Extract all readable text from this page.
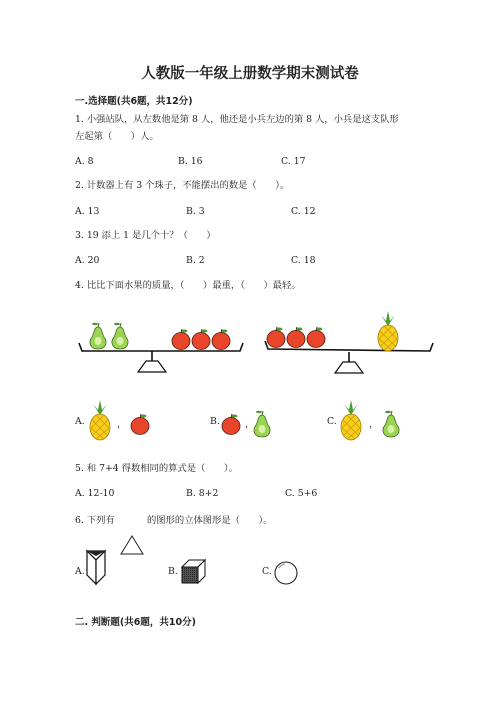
人教版一年级上册数学期末测试卷
一.选择题(共6题，共12分)
1. 小强站队，从左数他是第 8 人，他还是小兵左边的第 8 人，小兵是这支队形
左起第（　　）人。
A. 8	B. 16	C. 17
2. 计数器上有 3 个珠子，不能摆出的数是（　　）。
A. 13	B. 3	C. 12
3. 19 添上 1 是几个十？（　　）
A. 20	B. 2	C. 18
4. 比比下面水果的质量，（　　）最重，（　　）最轻。
A.	，	B.	，	C.	，
5. 和 7+4 得数相同的算式是（　　）。
A. 12-10	B. 8+2	C. 5+6
6. 下列有	的图形的立体图形是（　　）。
A.	B.	C.
二. 判断题(共6题，共10分)
